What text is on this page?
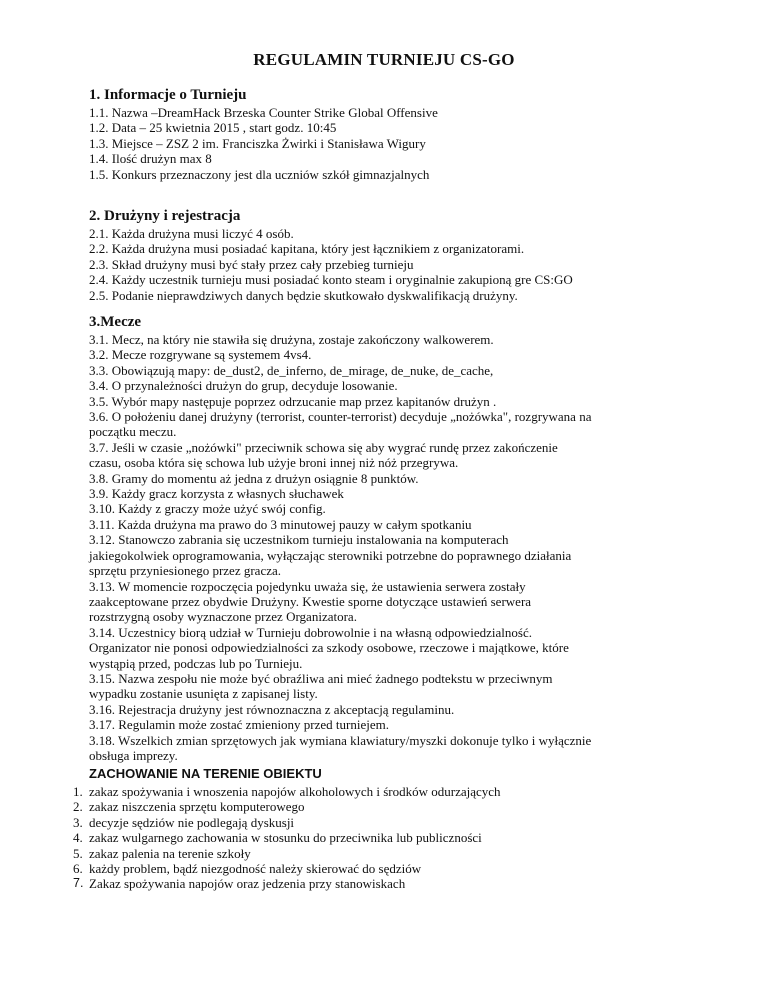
REGULAMIN TURNIEJU CS-GO
1. Informacje o Turnieju
1.1. Nazwa –DreamHack Brzeska Counter Strike Global Offensive
1.2. Data – 25 kwietnia 2015 , start godz. 10:45
1.3. Miejsce – ZSZ 2 im. Franciszka Żwirki i Stanisława Wigury
1.4. Ilość drużyn max 8
1.5. Konkurs przeznaczony jest dla uczniów szkół gimnazjalnych
2. Drużyny i rejestracja
2.1. Każda drużyna musi liczyć 4 osób.
2.2. Każda drużyna musi posiadać kapitana, który jest łącznikiem z organizatorami.
2.3. Skład drużyny musi być stały przez cały przebieg turnieju
2.4. Każdy uczestnik turnieju musi posiadać konto steam i oryginalnie zakupioną gre CS:GO
2.5. Podanie nieprawdziwych danych będzie skutkowało dyskwalifikacją drużyny.
3.Mecze
3.1. Mecz, na który nie stawiła się drużyna, zostaje zakończony walkowerem.
3.2. Mecze rozgrywane są systemem 4vs4.
3.3. Obowiązują mapy: de_dust2, de_inferno, de_mirage, de_nuke, de_cache,
3.4. O przynależności drużyn do grup, decyduje losowanie.
3.5. Wybór mapy następuje poprzez odrzucanie map przez kapitanów drużyn .
3.6. O położeniu danej drużyny (terrorist, counter-terrorist) decyduje „nożówka", rozgrywana na
początku meczu.
3.7. Jeśli w czasie „nożówki" przeciwnik schowa się aby wygrać rundę przez zakończenie
czasu, osoba która się schowa lub użyje broni innej niż nóż przegrywa.
3.8. Gramy do momentu aż jedna z drużyn osiągnie 8 punktów.
3.9. Każdy gracz korzysta z własnych słuchawek
3.10. Każdy z graczy może użyć swój config.
3.11. Każda drużyna ma prawo do 3 minutowej pauzy w całym spotkaniu
3.12. Stanowczo zabrania się uczestnikom turnieju instalowania na komputerach
jakiegokolwiek oprogramowania, wyłączając sterowniki potrzebne do poprawnego działania
sprzętu przyniesionego przez gracza.
3.13. W momencie rozpoczęcia pojedynku uważa się, że ustawienia serwera zostały
zaakceptowane przez obydwie Drużyny. Kwestie sporne dotyczące ustawień serwera
rozstrzygną osoby wyznaczone przez Organizatora.
3.14. Uczestnicy biorą udział w Turnieju dobrowolnie i na własną odpowiedzialność.
Organizator nie ponosi odpowiedzialności za szkody osobowe, rzeczowe i majątkowe, które
wystąpią przed, podczas lub po Turnieju.
3.15. Nazwa zespołu nie może być obraźliwa ani mieć żadnego podtekstu w przeciwnym
wypadku zostanie usunięta z zapisanej listy.
3.16. Rejestracja drużyny jest równoznaczna z akceptacją regulaminu.
3.17. Regulamin może zostać zmieniony przed turniejem.
3.18. Wszelkich zmian sprzętowych jak wymiana klawiatury/myszki dokonuje tylko i wyłącznie
obsługa imprezy.
ZACHOWANIE NA TERENIE OBIEKTU
1. zakaz spożywania i wnoszenia napojów alkoholowych i środków odurzających
2. zakaz niszczenia sprzętu komputerowego
3. decyzje sędziów nie podlegają dyskusji
4. zakaz wulgarnego zachowania w stosunku do przeciwnika lub publiczności
5. zakaz palenia na terenie szkoły
6. każdy problem, bądź niezgodność należy skierować do sędziów
7. Zakaz spożywania napojów oraz jedzenia przy stanowiskach
